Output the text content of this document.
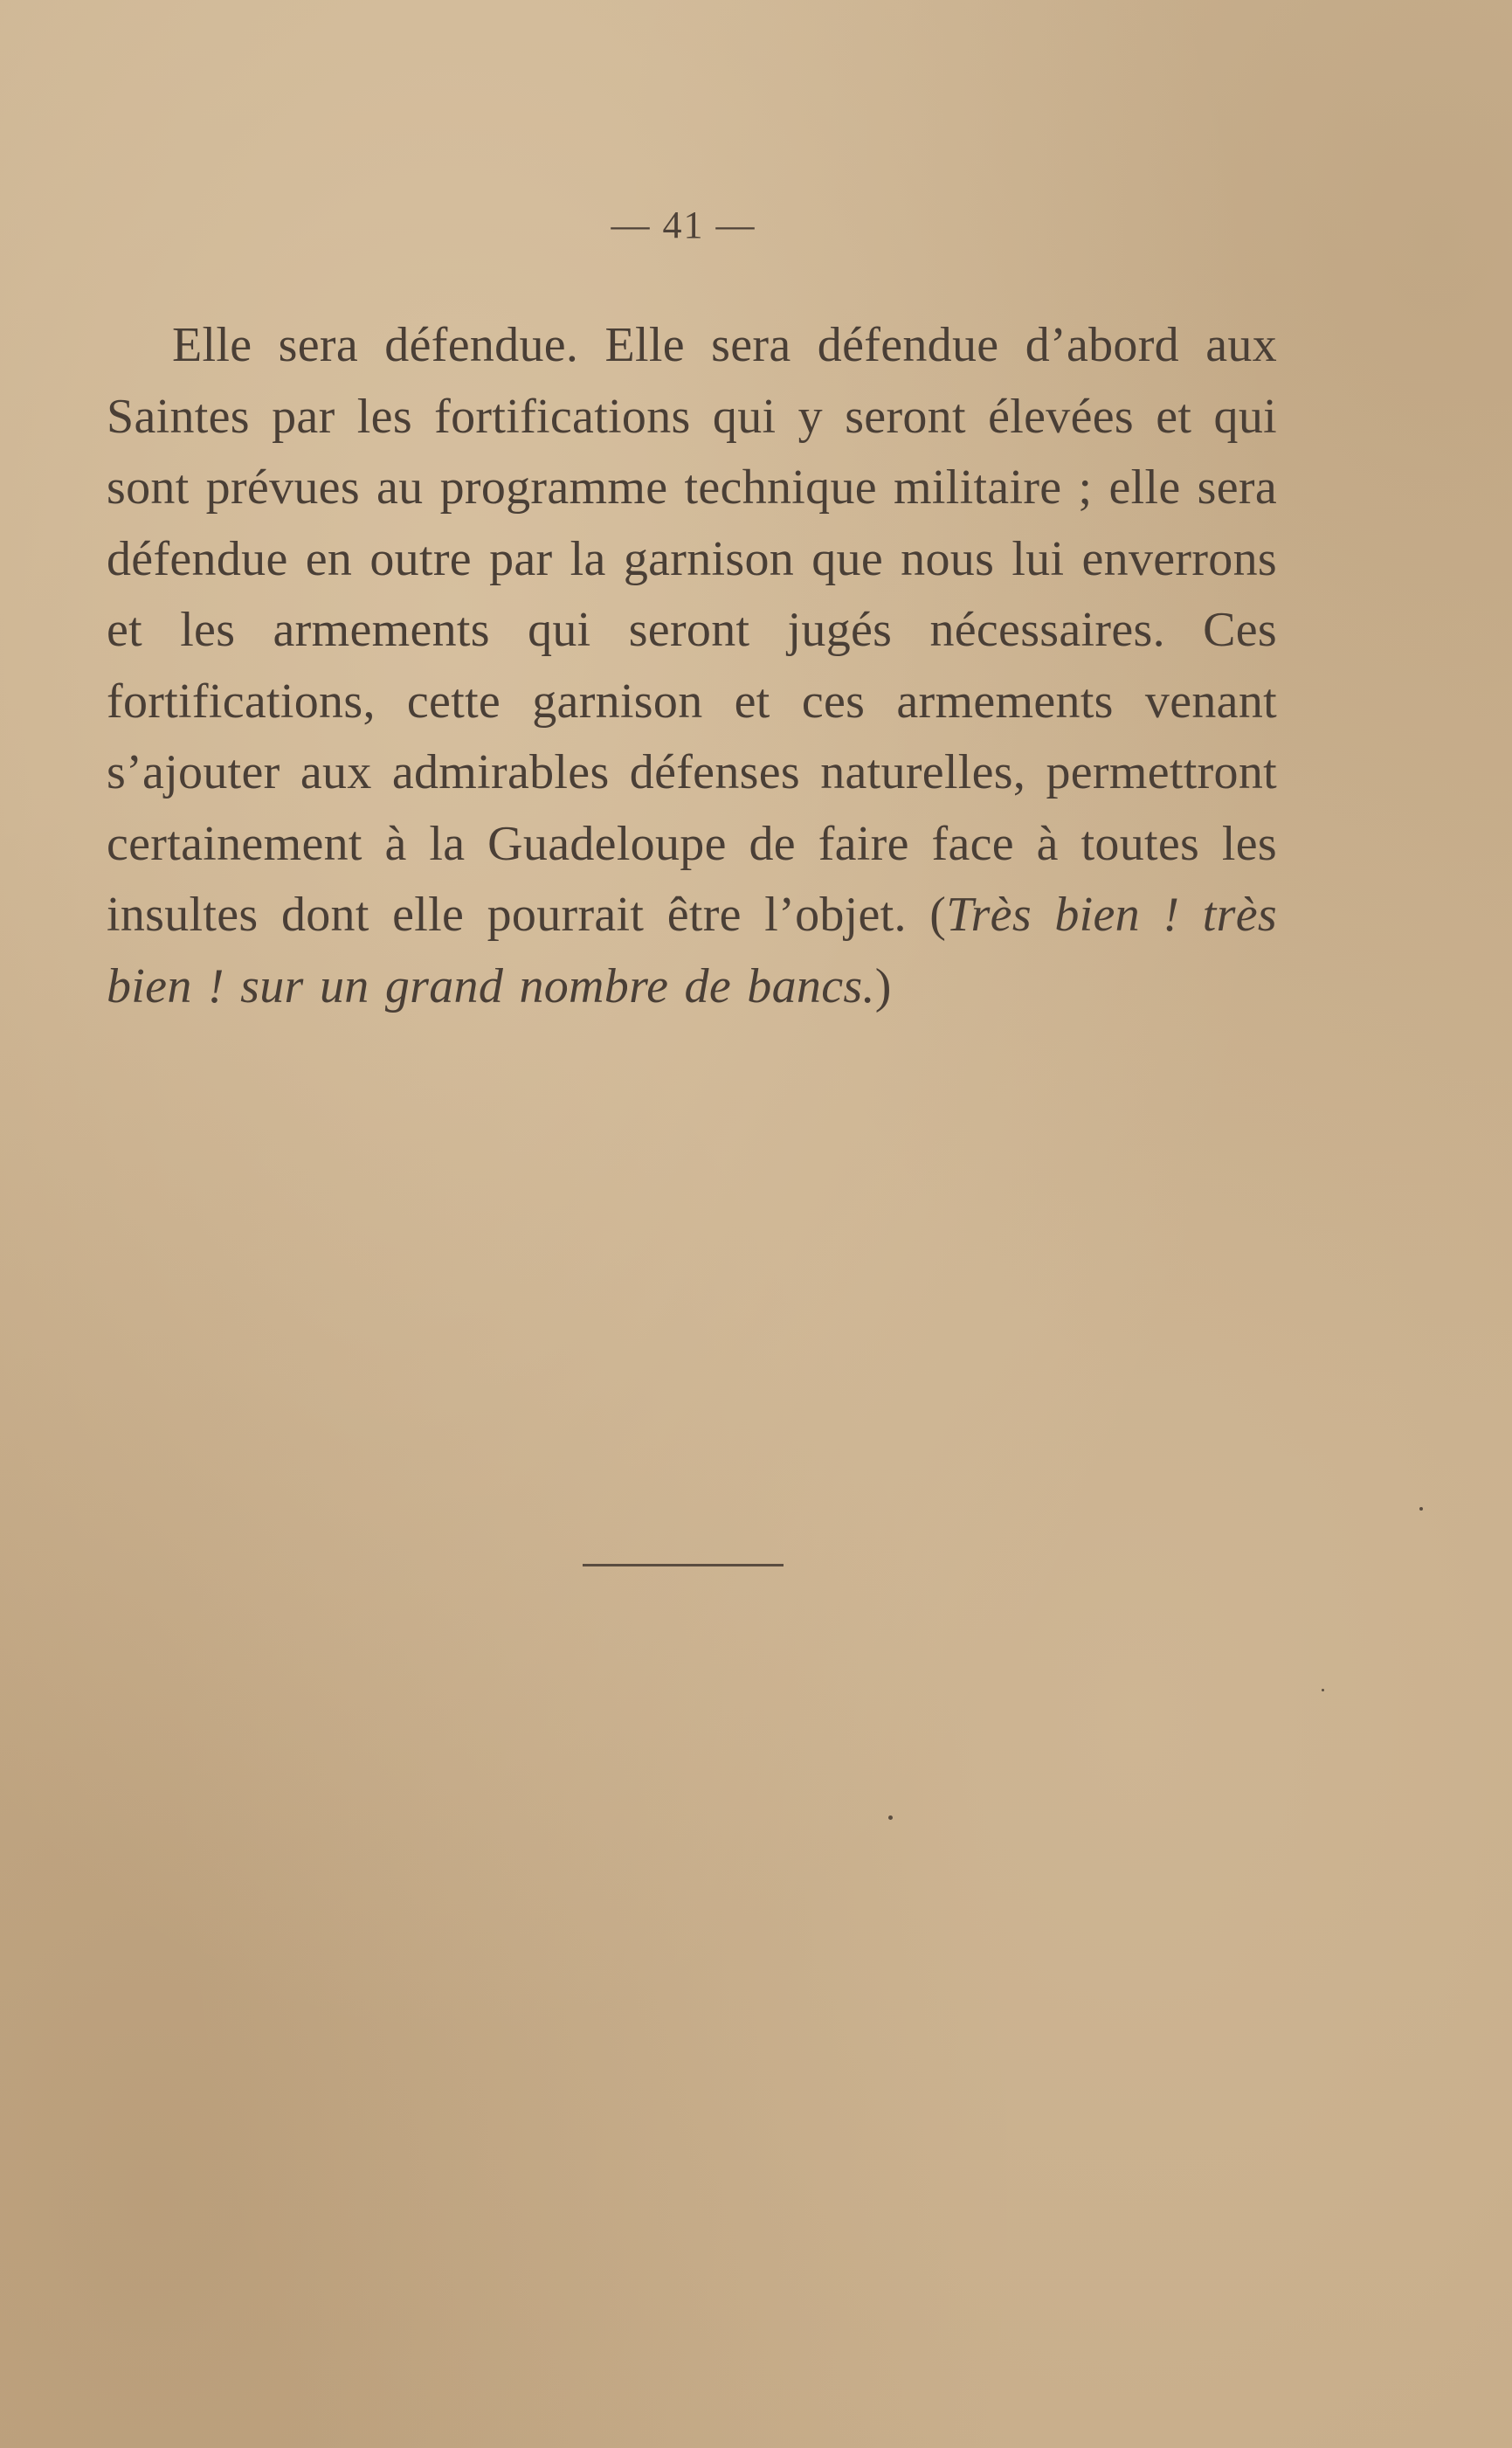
— 41 —

Elle sera défendue. Elle sera défendue d’abord aux Saintes par les fortifications qui y seront élevées et qui sont prévues au programme technique militaire ; elle sera défendue en outre par la garnison que nous lui enverrons et les armements qui seront jugés nécessaires. Ces fortifications, cette garnison et ces armements venant s’ajouter aux admirables défenses naturelles, permettront certainement à la Guadeloupe de faire face à toutes les insultes dont elle pourrait être l’objet. (Très bien ! très bien ! sur un grand nombre de bancs.)
